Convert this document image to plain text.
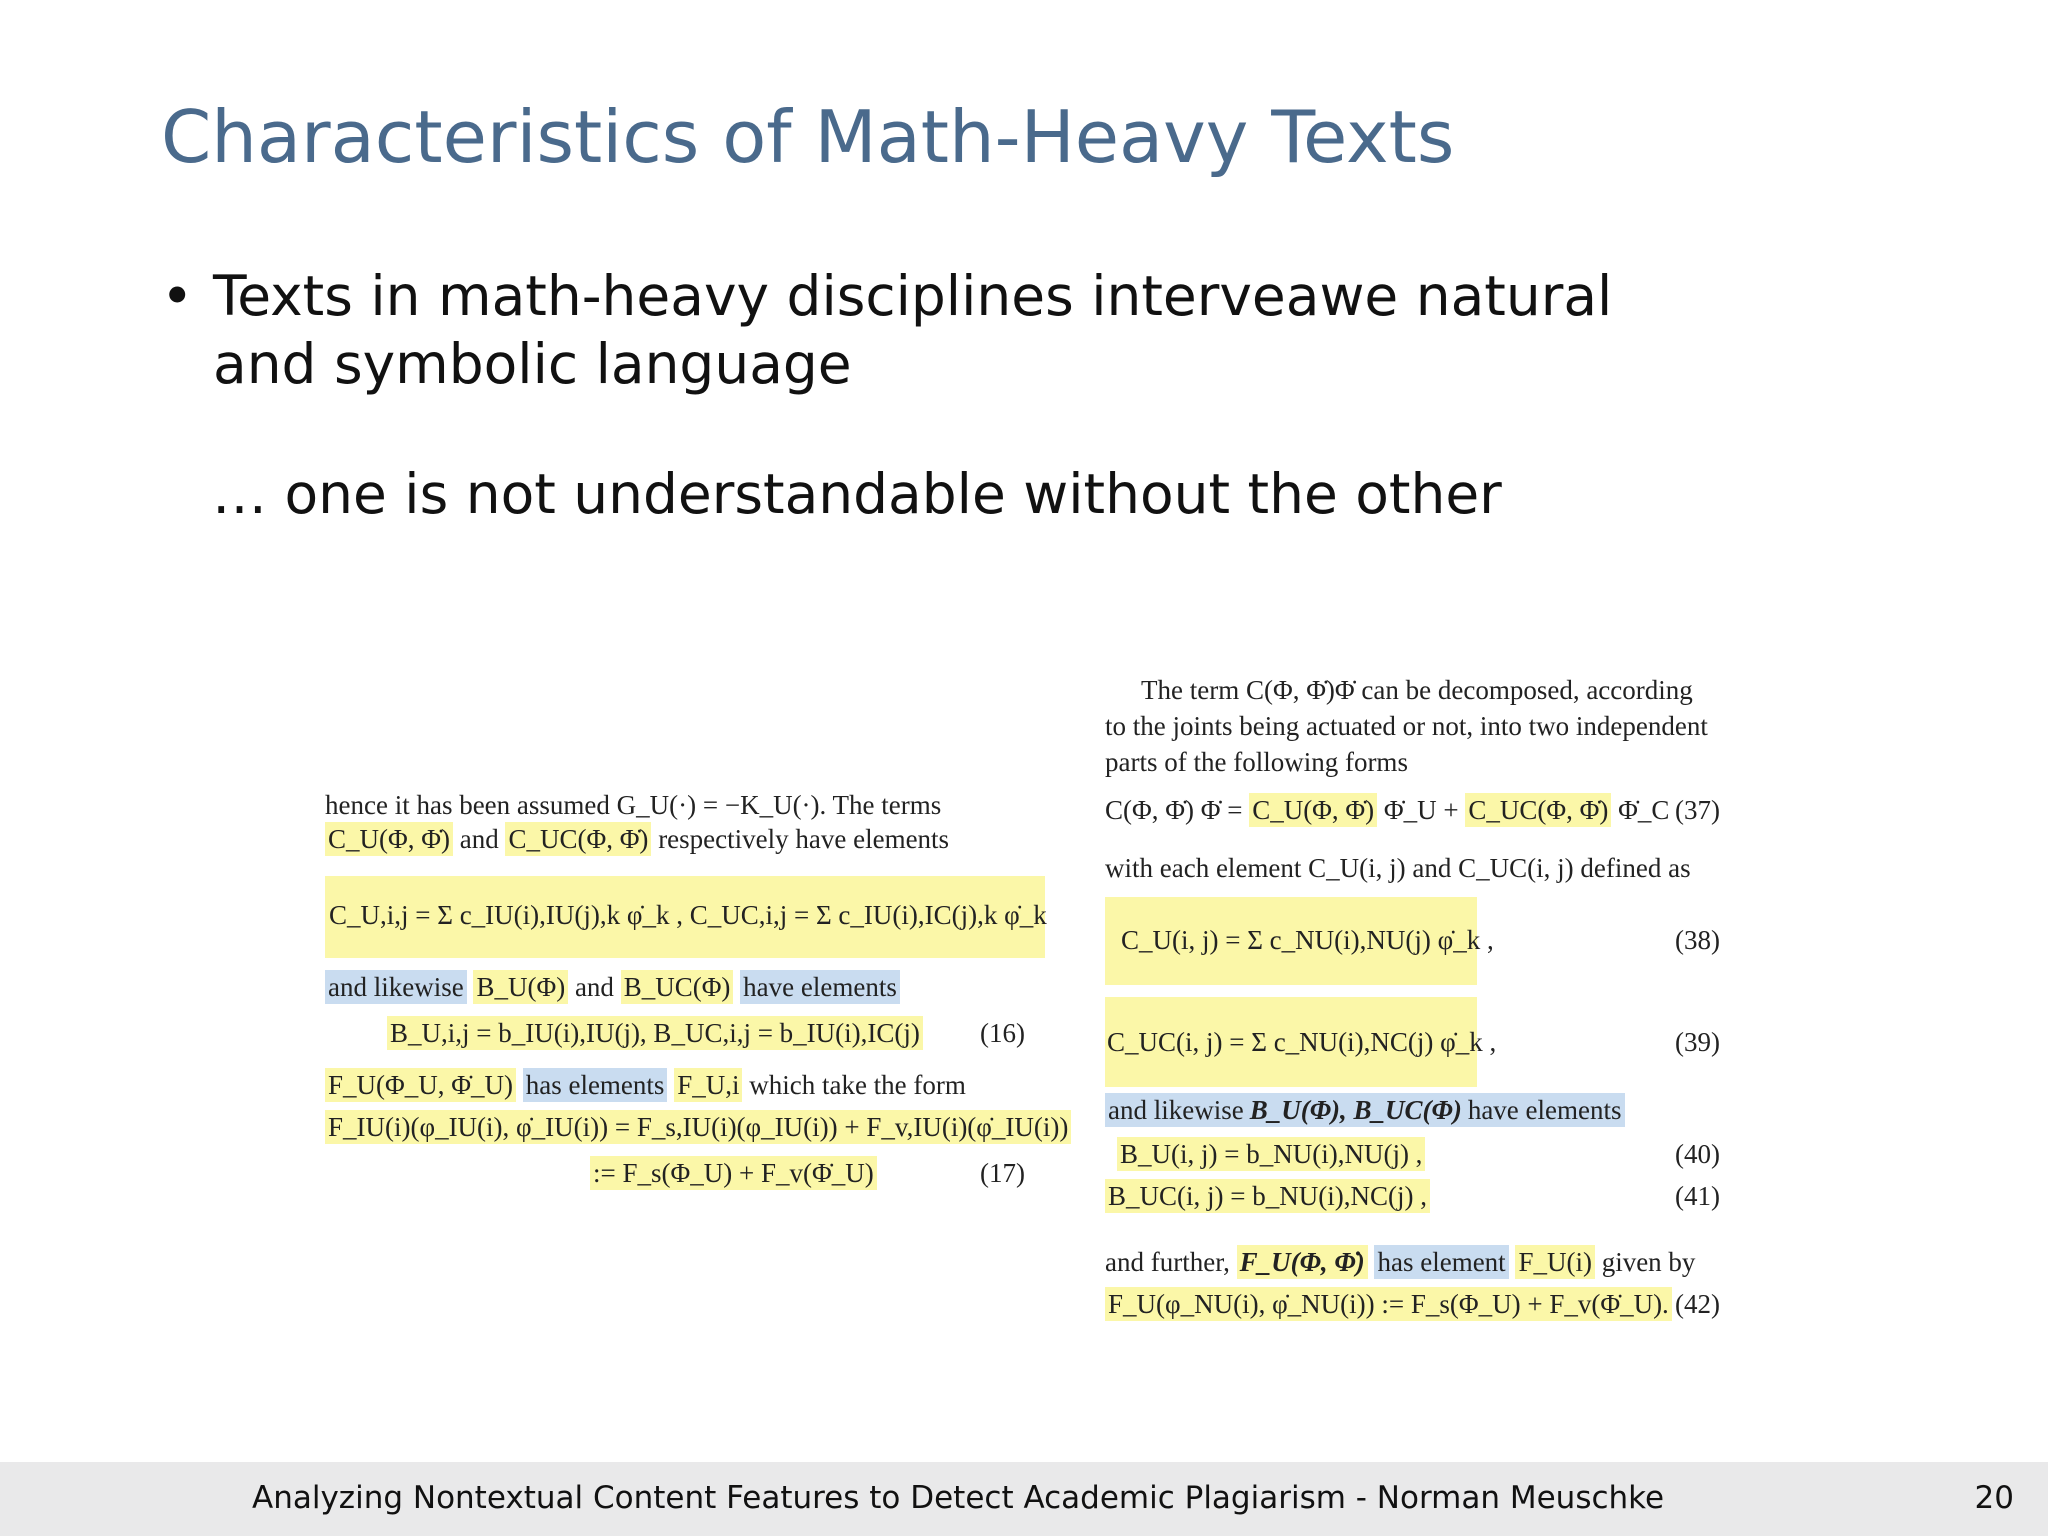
Characteristics of Math-Heavy Texts
• Texts in math-heavy disciplines interveawe natural
and symbolic language
… one is not understandable without the other
hence it has been assumed G_U(·) = −K_U(·). The terms
C_U(Φ, Φ̇) and C_UC(Φ, Φ̇) respectively have elements
C_U,i,j = Σ c_IU(i),IU(j),k φ̇_k , C_UC,i,j = Σ c_IU(i),IC(j),k φ̇_k
and likewise B_U(Φ) and B_UC(Φ) have elements
B_U,i,j = b_IU(i),IU(j), B_UC,i,j = b_IU(i),IC(j) (16)
F_U(Φ_U, Φ̇_U) has elements F_U,i which take the form
F_IU(i)(φ_IU(i), φ̇_IU(i)) = F_s,IU(i)(φ_IU(i)) + F_v,IU(i)(φ̇_IU(i))
:= F_s(Φ_U) + F_v(Φ̇_U)	(17)
The term C(Φ, Φ̇)Φ̇ can be decomposed, according
to the joints being actuated or not, into two independent
parts of the following forms
C(Φ, Φ̇) Φ̇ = C_U(Φ, Φ̇) Φ̇_U + C_UC(Φ, Φ̇) Φ̇_C (37)
with each element C_U(i, j) and C_UC(i, j) defined as
C_U(i, j) = Σ c_NU(i),NU(j) φ̇_k ,	(38)
C_UC(i, j) = Σ c_NU(i),NC(j) φ̇_k ,	(39)
and likewise B_U(Φ), B_UC(Φ) have elements
B_U(i, j) = b_NU(i),NU(j) ,	(40)
B_UC(i, j) = b_NU(i),NC(j) ,	(41)
and further, F_U(Φ, Φ̇) has element F_U(i) given by
F_U(φ_NU(i), φ̇_NU(i)) := F_s(Φ_U) + F_v(Φ̇_U). (42)
Analyzing Nontextual Content Features to Detect Academic Plagiarism - Norman Meuschke	20
